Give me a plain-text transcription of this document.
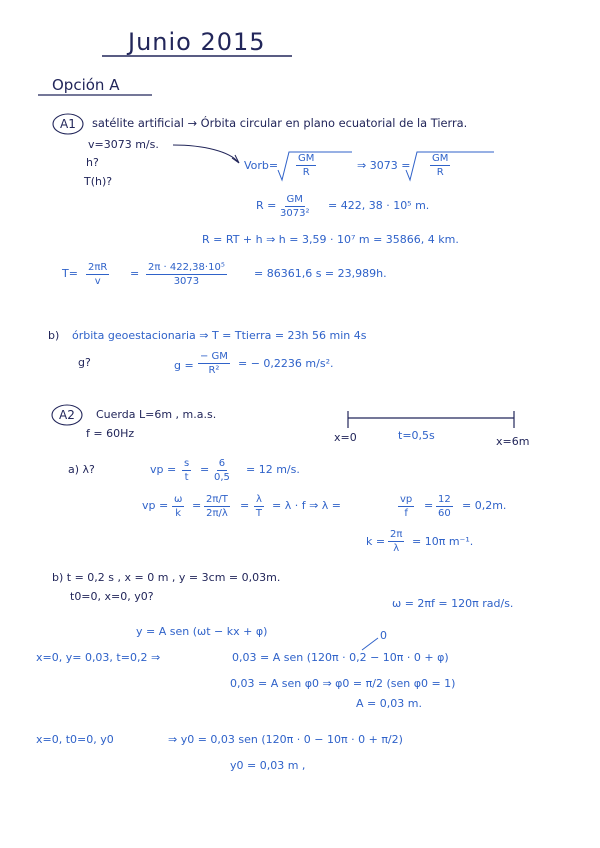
Junio 2015
Opción A
A1 satélite artificial → Órbita circular en plano ecuatorial de la Tierra.
v=3073 m/s.
h?
T(h)?
Vorb= $\frac{GM}{R}$	⇒ $3073 = \frac{GM}{R}$
$R = \frac{GM}{\text{3073²}} = 422$, 38 · 10⁵ m.
R = RT + h ⇒ h = 3,59 · 10⁷ m = 35866, 4 km.
$T= \frac{2\pi R}{v} = \frac{\text{2π · 422,38·10⁵}}{3073} = 86361,6$ s = 23,989h.
b) órbita geoestacionaria ⇒ T = Ttierra = 23h 56 min 4s
g?	$g = \frac{- GM}{\text{R²}}$ = − 0,2236 m/s².
A2 Cuerda L=6m , m.a.s.
f = 60Hz	x=0	t=0,5s	x=6m
a) λ?	vp = $\frac{s}{t} = \frac{6}{0,5} = 12$ m/s.
vp = $\frac{\omega}{k} = \frac{2\pi/T}{2\pi/\lambda} = \frac{\lambda}{T} = \lambda \cdot f$ ⇒ λ =	$\frac{vp}{f} = \frac{12}{60} = 0,2m$.
$k = \frac{2\pi}{\lambda} = 10\pi$ m⁻¹.
b) t = 0,2 s , x = 0 m , y = 3cm = 0,03m.
t0=0, x=0, y0?
ω = 2πf = 120π rad/s.
y = A sen (ωt − kx + φ)	0
x=0, y= 0,03, t=0,2 ⇒	0,03 = A sen (120π · 0,2 − 10π · 0 + φ)
0,03 = A sen φ0 ⇒ φ0 = π/2 (sen φ0 = 1)
A = 0,03 m.
x=0, t0=0, y0	⇒ y0 = 0,03 sen (120π · 0 − 10π · 0 + π/2)
y0 = 0,03 m ,
